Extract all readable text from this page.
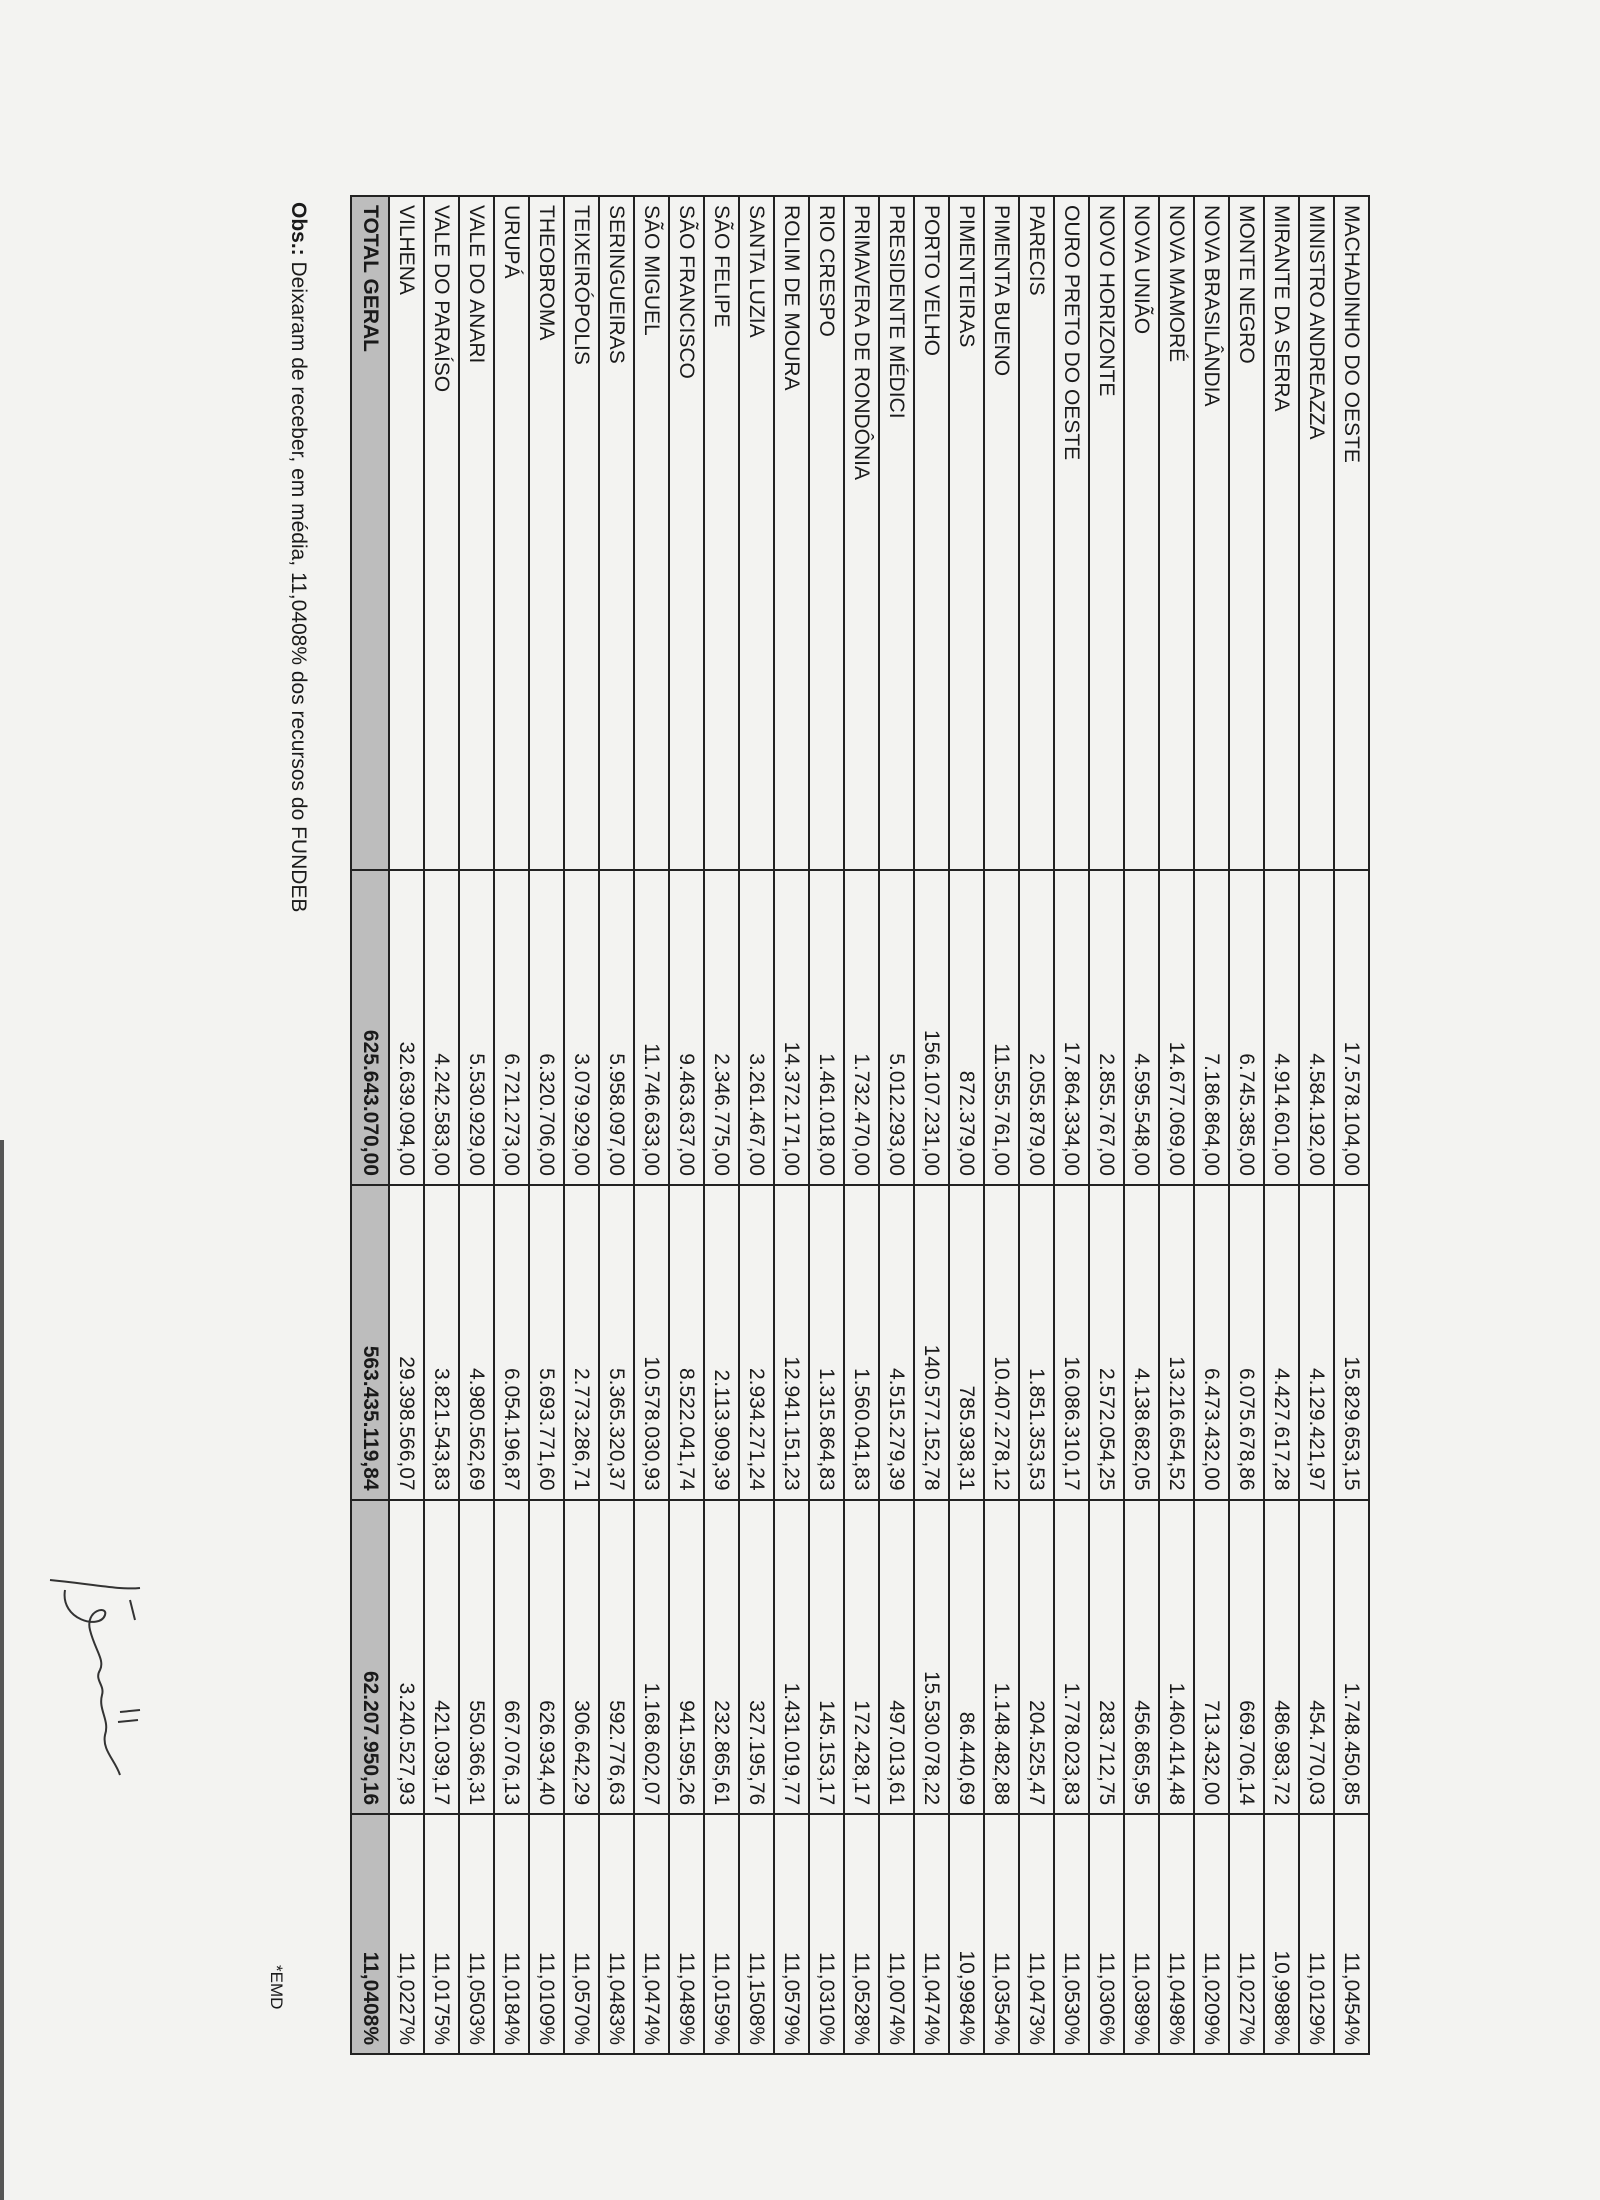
MACHADINHO DO OESTE	17.578.104,00	15.829.653,15	1.748.450,85	11,0454%
MINISTRO ANDREAZZA	4.584.192,00	4.129.421,97	454.770,03	11,0129%
MIRANTE DA SERRA	4.914.601,00	4.427.617,28	486.983,72	10,9988%
MONTE NEGRO	6.745.385,00	6.075.678,86	669.706,14	11,0227%
NOVA BRASILÂNDIA	7.186.864,00	6.473.432,00	713.432,00	11,0209%
NOVA MAMORÉ	14.677.069,00	13.216.654,52	1.460.414,48	11,0498%
NOVA UNIÃO	4.595.548,00	4.138.682,05	456.865,95	11,0389%
NOVO HORIZONTE	2.855.767,00	2.572.054,25	283.712,75	11,0306%
OURO PRETO DO OESTE	17.864.334,00	16.086.310,17	1.778.023,83	11,0530%
PARECIS	2.055.879,00	1.851.353,53	204.525,47	11,0473%
PIMENTA BUENO	11.555.761,00	10.407.278,12	1.148.482,88	11,0354%
PIMENTEIRAS	872.379,00	785.938,31	86.440,69	10,9984%
PORTO VELHO	156.107.231,00	140.577.152,78	15.530.078,22	11,0474%
PRESIDENTE MÉDICI	5.012.293,00	4.515.279,39	497.013,61	11,0074%
PRIMAVERA DE RONDÔNIA	1.732.470,00	1.560.041,83	172.428,17	11,0528%
RIO CRESPO	1.461.018,00	1.315.864,83	145.153,17	11,0310%
ROLIM DE MOURA	14.372.171,00	12.941.151,23	1.431.019,77	11,0579%
SANTA LUZIA	3.261.467,00	2.934.271,24	327.195,76	11,1508%
SÃO FELIPE	2.346.775,00	2.113.909,39	232.865,61	11,0159%
SÃO FRANCISCO	9.463.637,00	8.522.041,74	941.595,26	11,0489%
SÃO MIGUEL	11.746.633,00	10.578.030,93	1.168.602,07	11,0474%
SERINGUEIRAS	5.958.097,00	5.365.320,37	592.776,63	11,0483%
TEIXEIRÓPOLIS	3.079.929,00	2.773.286,71	306.642,29	11,0570%
THEOBROMA	6.320.706,00	5.693.771,60	626.934,40	11,0109%
URUPÁ	6.721.273,00	6.054.196,87	667.076,13	11,0184%
VALE DO ANARI	5.530.929,00	4.980.562,69	550.366,31	11,0503%
VALE DO PARAÍSO	4.242.583,00	3.821.543,83	421.039,17	11,0175%
VILHENA	32.639.094,00	29.398.566,07	3.240.527,93	11,0227%
TOTAL GERAL	625.643.070,00	563.435.119,84	62.207.950,16	11,0408%
Obs.: Deixaram de receber, em média, 11,0408% dos recursos do FUNDEB
*EMD
